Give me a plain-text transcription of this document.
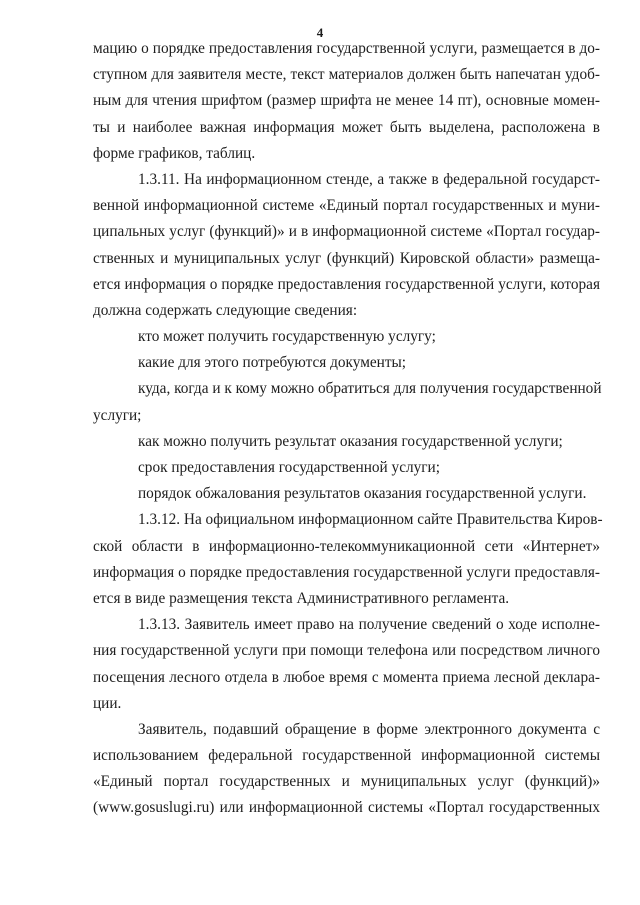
4
мацию о порядке предоставления государственной услуги, размещается в до-
ступном для заявителя месте, текст материалов должен быть напечатан удоб-
ным для чтения шрифтом (размер шрифта не менее 14 пт), основные момен-
ты и наиболее важная информация может быть выделена, расположена в
форме графиков, таблиц.
1.3.11. На информационном стенде, а также в федеральной государст-
венной информационной системе «Единый портал государственных и муни-
ципальных услуг (функций)» и в информационной системе «Портал государ-
ственных и муниципальных услуг (функций) Кировской области» размеща-
ется информация о порядке предоставления государственной услуги, которая
должна содержать следующие сведения:
кто может получить государственную услугу;
какие для этого потребуются документы;
куда, когда и к кому можно обратиться для получения государственной
услуги;
как можно получить результат оказания государственной услуги;
срок предоставления государственной услуги;
порядок обжалования результатов оказания государственной услуги.
1.3.12. На официальном информационном сайте Правительства Киров-
ской области в информационно-телекоммуникационной сети «Интернет»
информация о порядке предоставления государственной услуги предоставля-
ется в виде размещения текста Административного регламента.
1.3.13. Заявитель имеет право на получение сведений о ходе исполне-
ния государственной услуги при помощи телефона или посредством личного
посещения лесного отдела в любое время с момента приема лесной деклара-
ции.
Заявитель, подавший обращение в форме электронного документа с
использованием федеральной государственной информационной системы
«Единый портал государственных и муниципальных услуг (функций)»
(www.gosuslugi.ru) или информационной системы «Портал государственных
